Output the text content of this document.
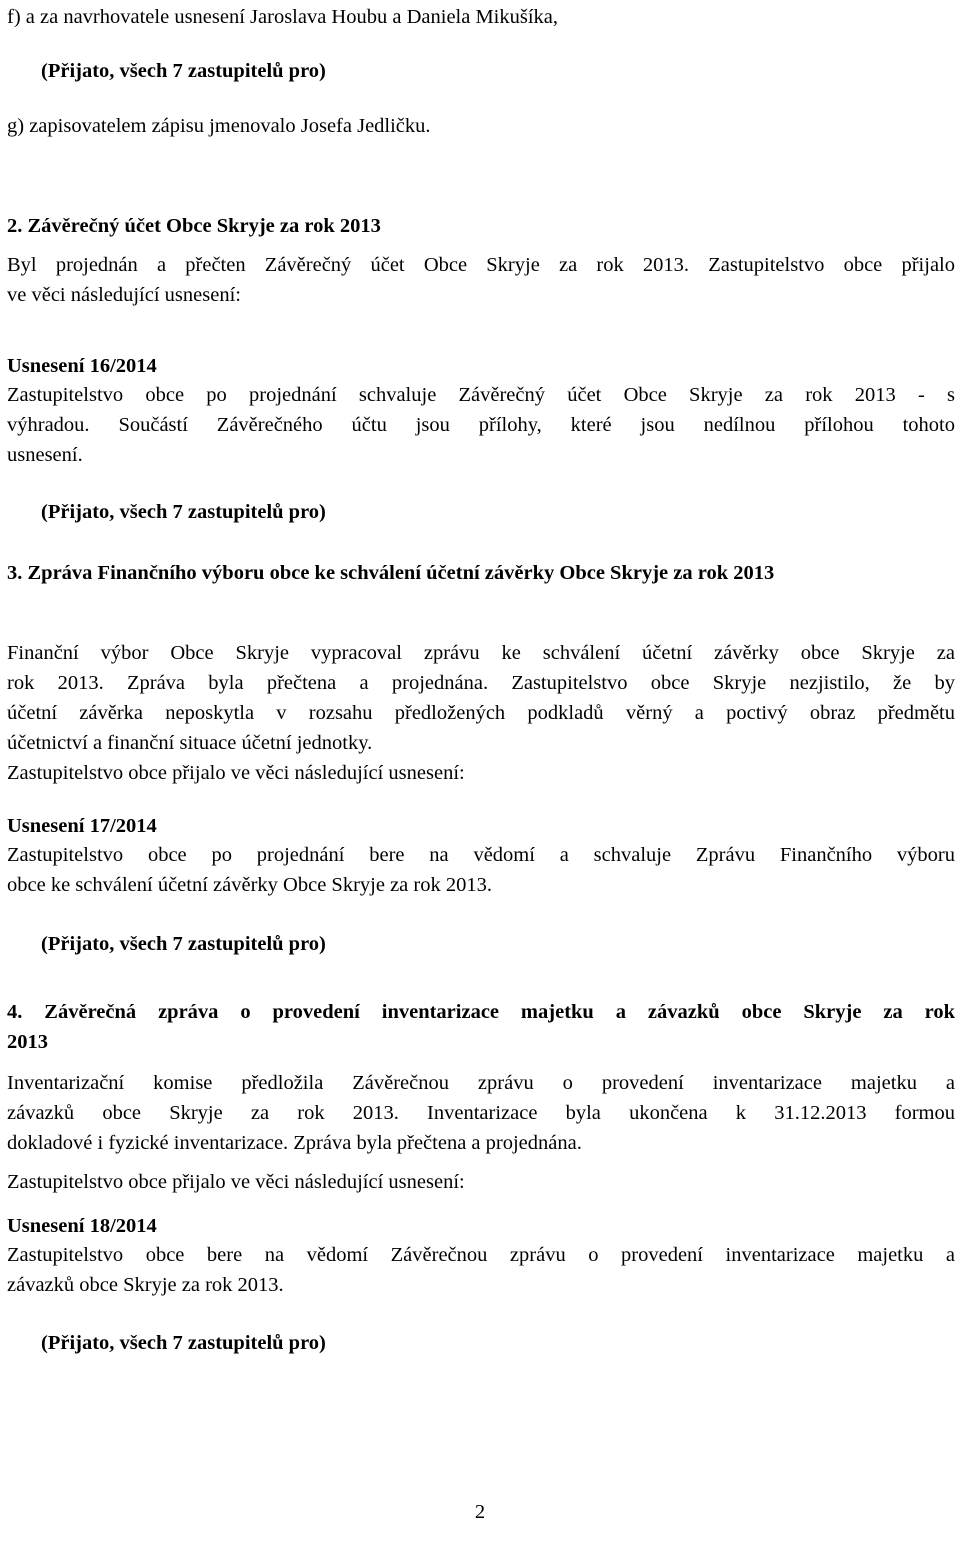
f) a za navrhovatele usnesení Jaroslava Houbu a Daniela Mikušíka,

(Přijato, všech 7 zastupitelů pro)

g) zapisovatelem zápisu jmenovalo Josefa Jedličku.

2. Závěrečný účet Obce Skryje za rok 2013

Byl projednán a přečten Závěrečný účet Obce Skryje za rok 2013. Zastupitelstvo obce přijalo
ve věci následující usnesení:

Usnesení 16/2014

Zastupitelstvo obce po projednání schvaluje Závěrečný účet Obce Skryje za rok 2013 - s
výhradou. Součástí Závěrečného účtu jsou přílohy, které jsou nedílnou přílohou tohoto
usnesení.

(Přijato, všech 7 zastupitelů pro)

3. Zpráva Finančního výboru obce ke schválení účetní závěrky Obce Skryje za rok 2013

Finanční výbor Obce Skryje vypracoval zprávu ke schválení účetní závěrky obce Skryje za
rok 2013. Zpráva byla přečtena a projednána. Zastupitelstvo obce Skryje nezjistilo, že by
účetní závěrka neposkytla v rozsahu předložených podkladů věrný a poctivý obraz předmětu
účetnictví a finanční situace účetní jednotky.
Zastupitelstvo obce přijalo ve věci následující usnesení:

Usnesení 17/2014

Zastupitelstvo obce po projednání bere na vědomí a schvaluje Zprávu Finančního výboru
obce ke schválení účetní závěrky Obce Skryje za rok 2013.

(Přijato, všech 7 zastupitelů pro)

4. Závěrečná zpráva o provedení inventarizace majetku a závazků obce Skryje za rok
2013
Inventarizační komise předložila Závěrečnou zprávu o provedení inventarizace majetku a
závazků obce Skryje za rok 2013. Inventarizace byla ukončena k 31.12.2013 formou
dokladové i fyzické inventarizace. Zpráva byla přečtena a projednána.

Zastupitelstvo obce přijalo ve věci následující usnesení:

Usnesení 18/2014

Zastupitelstvo obce bere na vědomí Závěrečnou zprávu o provedení inventarizace majetku a
závazků obce Skryje za rok 2013.

(Přijato, všech 7 zastupitelů pro)

2
